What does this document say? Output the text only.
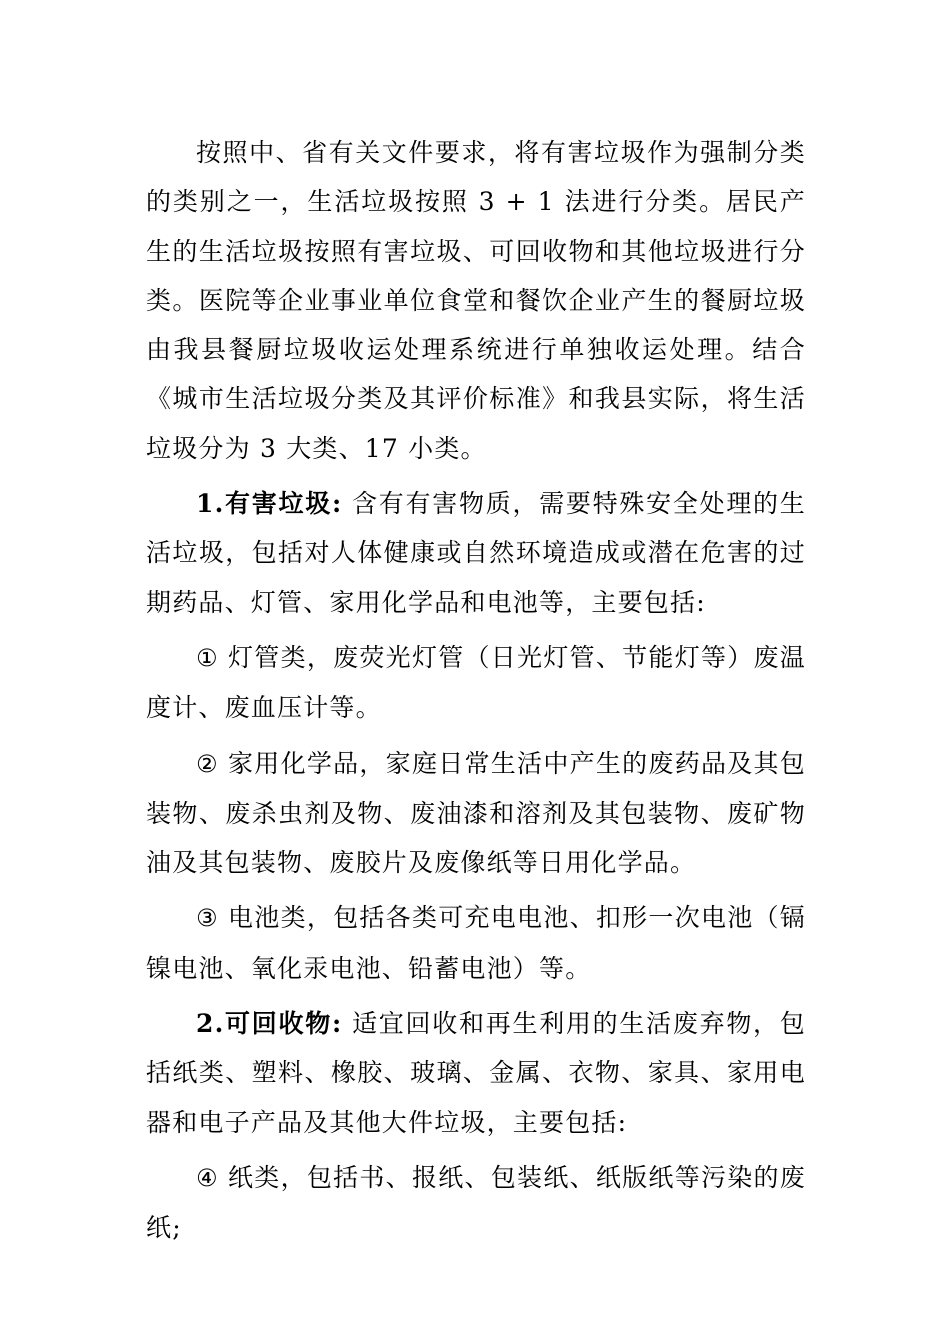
按照中、省有关文件要求，将有害垃圾作为强制分类的类别之一，生活垃圾按照 3 + 1 法进行分类。居民产生的生活垃圾按照有害垃圾、可回收物和其他垃圾进行分类。医院等企业事业单位食堂和餐饮企业产生的餐厨垃圾由我县餐厨垃圾收运处理系统进行单独收运处理。结合《城市生活垃圾分类及其评价标准》和我县实际，将生活垃圾分为 3 大类、17 小类。

1.有害垃圾: 含有有害物质，需要特殊安全处理的生活垃圾，包括对人体健康或自然环境造成或潜在危害的过期药品、灯管、家用化学品和电池等，主要包括:

① 灯管类，废荧光灯管（日光灯管、节能灯等）废温度计、废血压计等。

② 家用化学品，家庭日常生活中产生的废药品及其包装物、废杀虫剂及物、废油漆和溶剂及其包装物、废矿物油及其包装物、废胶片及废像纸等日用化学品。

③ 电池类，包括各类可充电电池、扣形一次电池（镉镍电池、氧化汞电池、铅蓄电池）等。

2.可回收物: 适宜回收和再生利用的生活废弃物，包括纸类、塑料、橡胶、玻璃、金属、衣物、家具、家用电器和电子产品及其他大件垃圾，主要包括:

④ 纸类，包括书、报纸、包装纸、纸版纸等污染的废纸;
